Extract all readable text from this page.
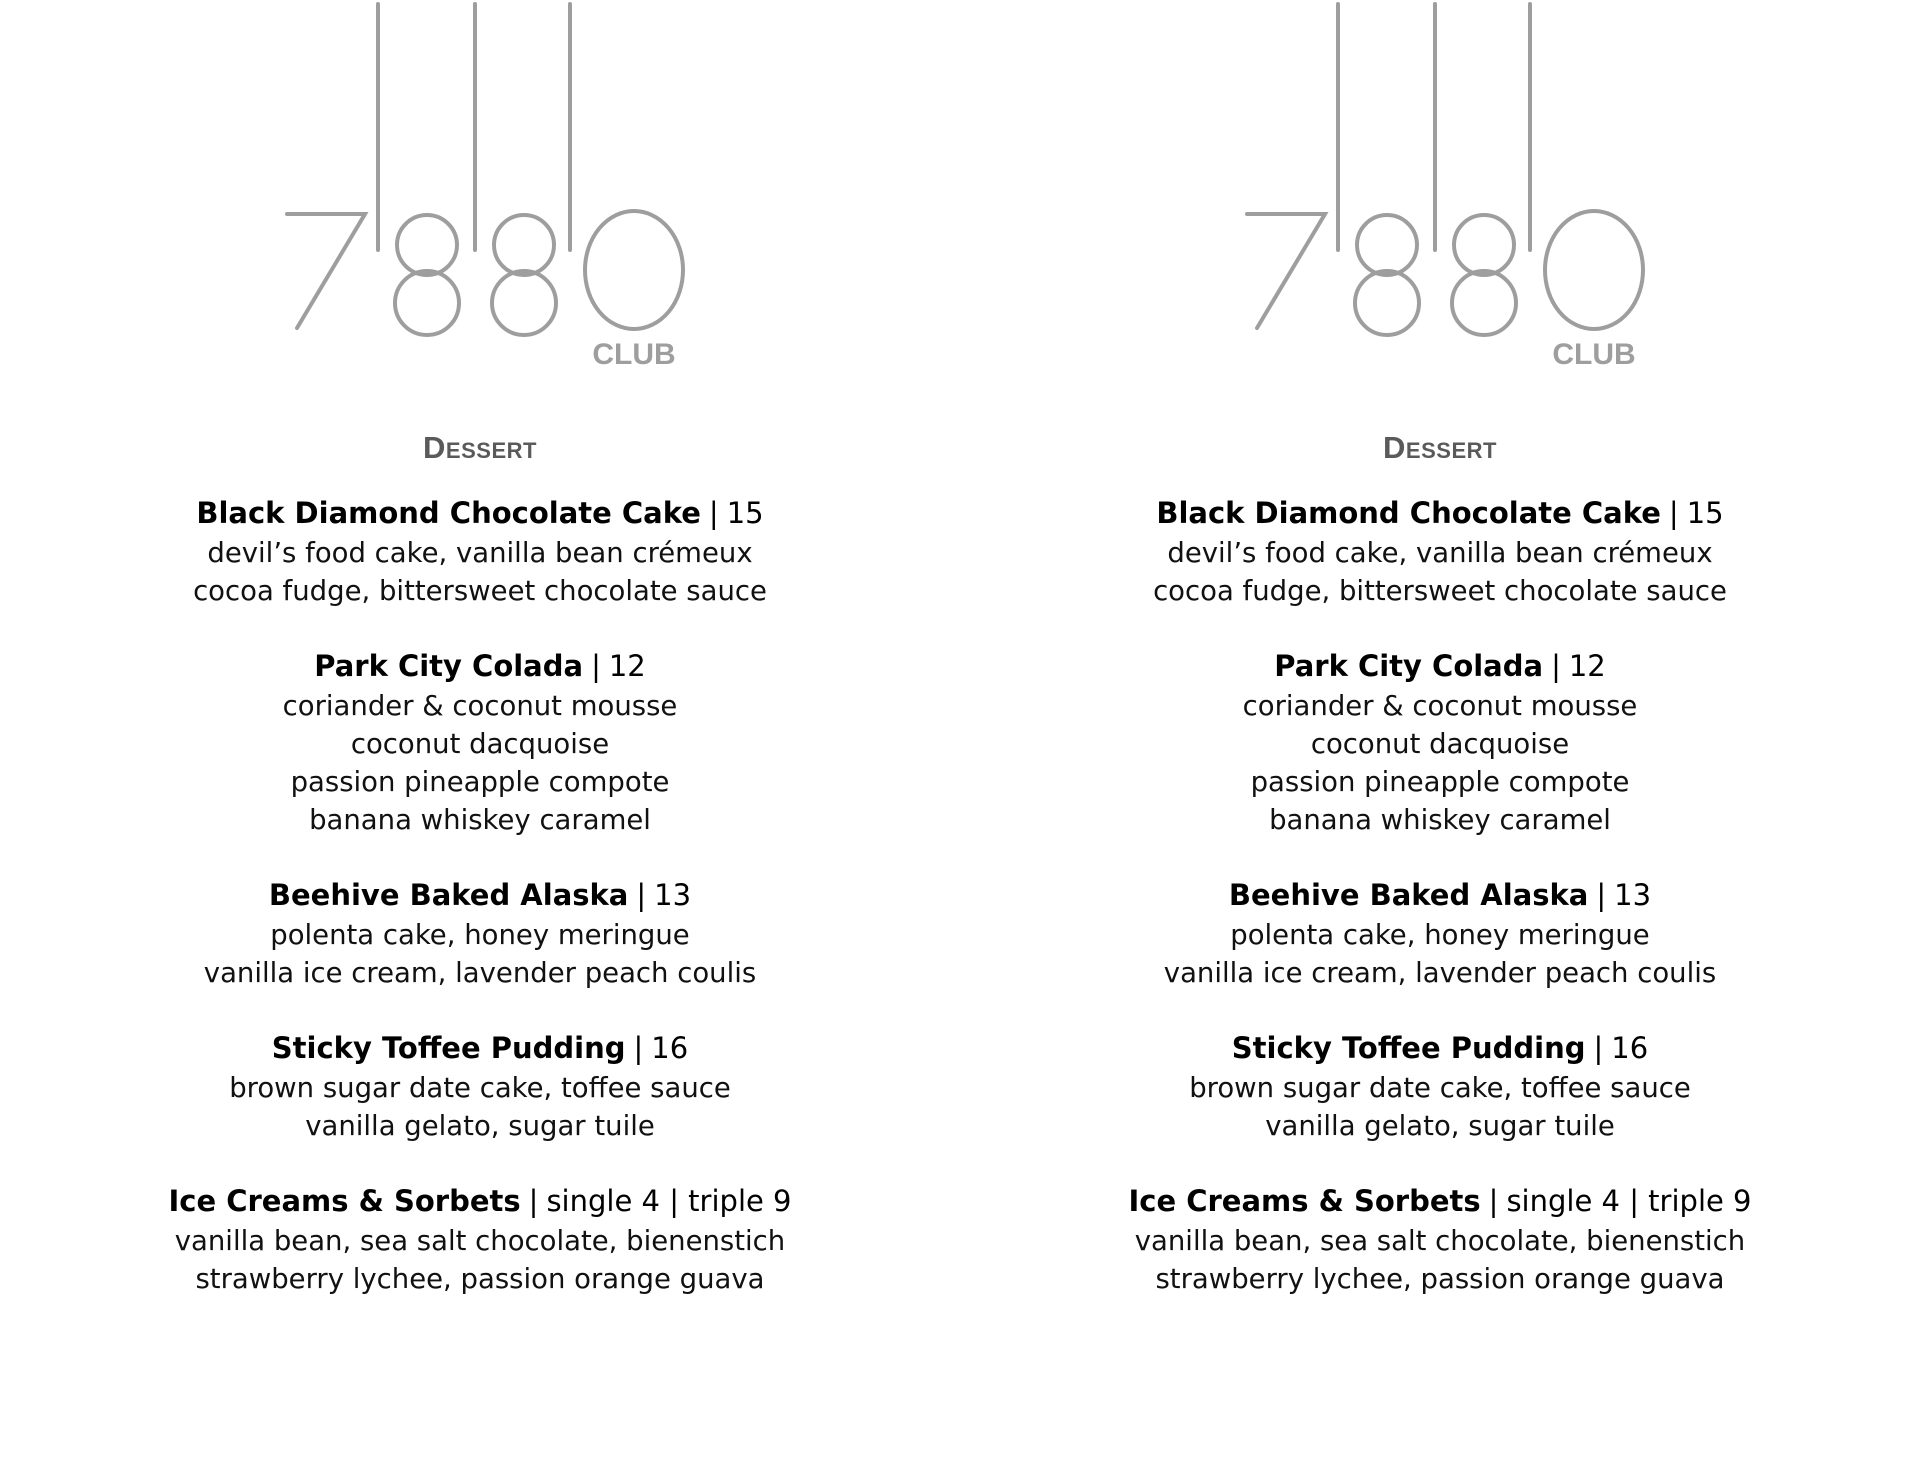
CLUB
Dessert
Black Diamond Chocolate Cake | 15
devil’s food cake, vanilla bean crémeux
cocoa fudge, bittersweet chocolate sauce
Park City Colada | 12
coriander & coconut mousse
coconut dacquoise
passion pineapple compote
banana whiskey caramel
Beehive Baked Alaska | 13
polenta cake, honey meringue
vanilla ice cream, lavender peach coulis
Sticky Toffee Pudding | 16
brown sugar date cake, toffee sauce
vanilla gelato, sugar tuile
Ice Creams & Sorbets | single 4 | triple 9
vanilla bean, sea salt chocolate, bienenstich
strawberry lychee, passion orange guava
CLUB
Dessert
Black Diamond Chocolate Cake | 15
devil’s food cake, vanilla bean crémeux
cocoa fudge, bittersweet chocolate sauce
Park City Colada | 12
coriander & coconut mousse
coconut dacquoise
passion pineapple compote
banana whiskey caramel
Beehive Baked Alaska | 13
polenta cake, honey meringue
vanilla ice cream, lavender peach coulis
Sticky Toffee Pudding | 16
brown sugar date cake, toffee sauce
vanilla gelato, sugar tuile
Ice Creams & Sorbets | single 4 | triple 9
vanilla bean, sea salt chocolate, bienenstich
strawberry lychee, passion orange guava
